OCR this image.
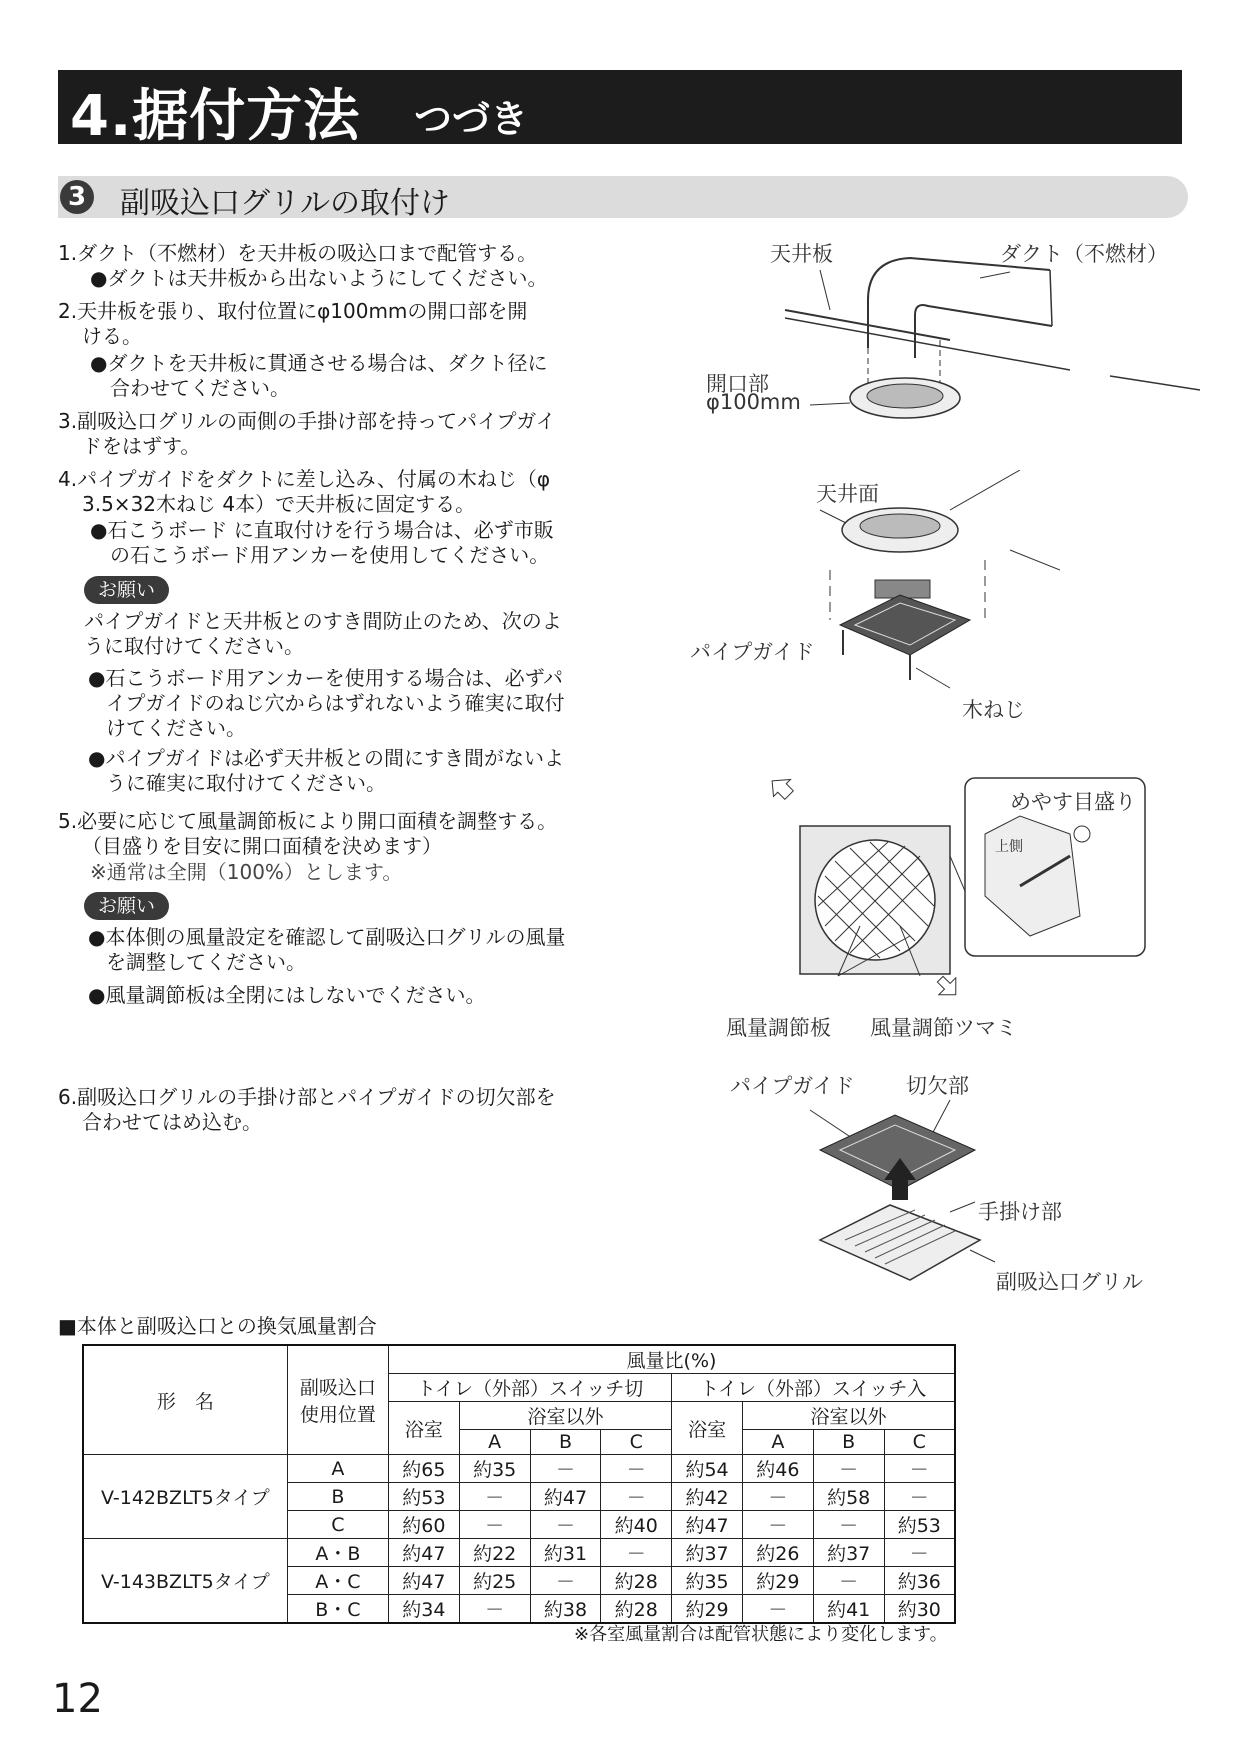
4.据付方法 つづき
3 副吸込口グリルの取付け
1.ダクト（不燃材）を天井板の吸込口まで配管する。
●ダクトは天井板から出ないようにしてください。
2.天井板を張り、取付位置にφ100mmの開口部を開
ける。
●ダクトを天井板に貫通させる場合は、ダクト径に
合わせてください。
3.副吸込口グリルの両側の手掛け部を持ってパイプガイ
ドをはずす。
4.パイプガイドをダクトに差し込み、付属の木ねじ（φ
3.5×32木ねじ 4本）で天井板に固定する。
●石こうボード に直取付けを行う場合は、必ず市販
の石こうボード用アンカーを使用してください。
お願い
パイプガイドと天井板とのすき間防止のため、次のよ
うに取付けてください。
●石こうボード用アンカーを使用する場合は、必ずパ
イプガイドのねじ穴からはずれないよう確実に取付
けてください。
●パイプガイドは必ず天井板との間にすき間がないよ
うに確実に取付けてください。
5.必要に応じて風量調節板により開口面積を調整する。
（目盛りを目安に開口面積を決めます）
※通常は全開（100%）とします。
お願い
●本体側の風量設定を確認して副吸込口グリルの風量
を調整してください。
●風量調節板は全閉にはしないでください。
6.副吸込口グリルの手掛け部とパイプガイドの切欠部を
合わせてはめ込む。
天井板	ダクト（不燃材）
開口部
φ100mm
天井面
パイプガイド
木ねじ
めやす目盛り
上側
風量調節板 風量調節ツマミ
パイプガイド 切欠部
手掛け部
副吸込口グリル
■本体と副吸込口との換気風量割合
形　名	副吸込口
使用位置	風量比(%)							
		トイレ（外部）スイッチ切				トイレ（外部）スイッチ入			
		浴室	浴室以外			浴室	浴室以外		
			A	B	C		A	B	C
V-142BZLT5タイプ	A	約65	約35	－	－	約54	約46	－	－
	B	約53	－	約47	－	約42	－	約58	－
	C	約60	－	－	約40	約47	－	－	約53
V-143BZLT5タイプ	A・B	約47	約22	約31	－	約37	約26	約37	－
	A・C	約47	約25	－	約28	約35	約29	－	約36
	B・C	約34	－	約38	約28	約29	－	約41	約30
※各室風量割合は配管状態により変化します。
12
